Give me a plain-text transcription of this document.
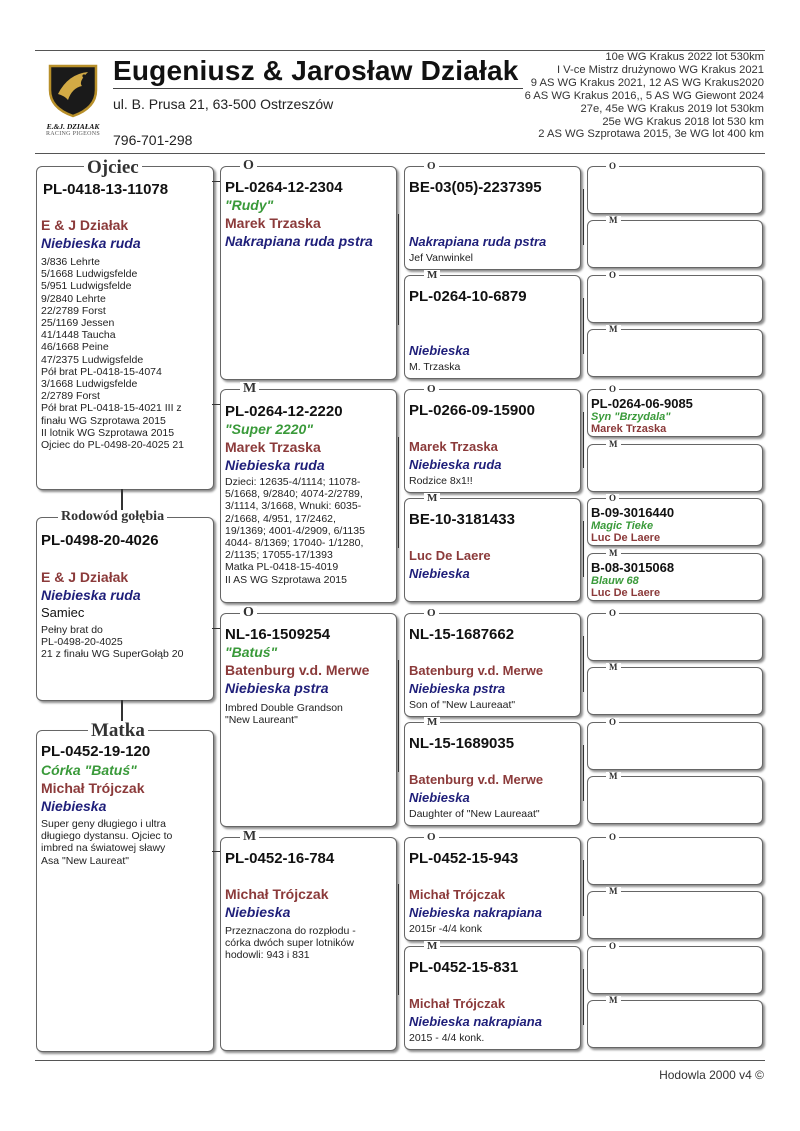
E.&J. DZIAŁAK
RACING PIGEONS
Eugeniusz & Jarosław Działak
ul. B. Prusa 21, 63-500 Ostrzeszów
796-701-298
10e WG Krakus 2022 lot 530km
I V-ce Mistrz drużynowo WG Krakus 2021
9 AS WG Krakus 2021, 12 AS WG Krakus2020
6 AS WG Krakus 2016,, 5 AS WG Giewont 2024
27e, 45e WG Krakus 2019 lot 530km
25e WG Krakus 2018 lot 530 km
2 AS WG Szprotawa 2015, 3e WG lot 400 km
PL-0418-13-11078
E & J Działak
Niebieska ruda
3/836 Lehrte
5/1668 Ludwigsfelde
5/951 Ludwigsfelde
9/2840 Lehrte
22/2789 Forst
25/1169 Jessen
41/1448 Taucha
46/1668 Peine
47/2375 Ludwigsfelde
Pół brat PL-0418-15-4074
3/1668 Ludwigsfelde
2/2789 Forst
Pół brat PL-0418-15-4021 III z
finału WG Szprotawa 2015
II lotnik WG Szprotawa 2015
Ojciec do PL-0498-20-4025 21
Ojciec
PL-0498-20-4026
E & J Działak
Niebieska ruda
Samiec
Pełny brat do
PL-0498-20-4025
21 z finału WG SuperGołąb 20
Rodowód gołębia
PL-0452-19-120
Córka "Batuś"
Michał Trójczak
Niebieska
Super geny długiego i ultra
długiego dystansu. Ojciec to
imbred na światowej sławy
Asa "New Laureat"
Matka
PL-0264-12-2304
"Rudy"
Marek Trzaska
Nakrapiana ruda pstra
O
PL-0264-12-2220
"Super 2220"
Marek Trzaska
Niebieska ruda
Dzieci: 12635-4/1114; 11078-
5/1668, 9/2840; 4074-2/2789,
3/1114, 3/1668, Wnuki: 6035-
2/1668, 4/951, 17/2462,
19/1369; 4001-4/2909, 6/1135
4044- 8/1369; 17040- 1/1280,
2/1135; 17055-17/1393
Matka PL-0418-15-4019
II AS WG Szprotawa 2015
M
NL-16-1509254
"Batuś"
Batenburg v.d. Merwe
Niebieska pstra
Imbred Double Grandson
"New Laureant"
O
PL-0452-16-784
Michał Trójczak
Niebieska
Przeznaczona do rozpłodu -
córka dwóch super lotników
hodowli: 943 i 831
M
BE-03(05)-2237395
Nakrapiana ruda pstra
Jef Vanwinkel
O
PL-0264-10-6879
Niebieska
M. Trzaska
M
PL-0266-09-15900
Marek Trzaska
Niebieska ruda
Rodzice 8x1!!
O
BE-10-3181433
Luc De Laere
Niebieska
M
NL-15-1687662
Batenburg v.d. Merwe
Niebieska pstra
Son of "New Laureaat"
O
NL-15-1689035
Batenburg v.d. Merwe
Niebieska
Daughter of "New Laureaat"
M
PL-0452-15-943
Michał Trójczak
Niebieska nakrapiana
2015r -4/4 konk
O
PL-0452-15-831
Michał Trójczak
Niebieska nakrapiana
2015 - 4/4 konk.
M
O
M
O
M
PL-0264-06-9085
Syn "Brzydala"
Marek Trzaska
O
M
B-09-3016440
Magic Tieke
Luc De Laere
O
B-08-3015068
Blauw 68
Luc De Laere
M
O
M
O
M
O
M
O
M
Hodowla 2000 v4 ©
